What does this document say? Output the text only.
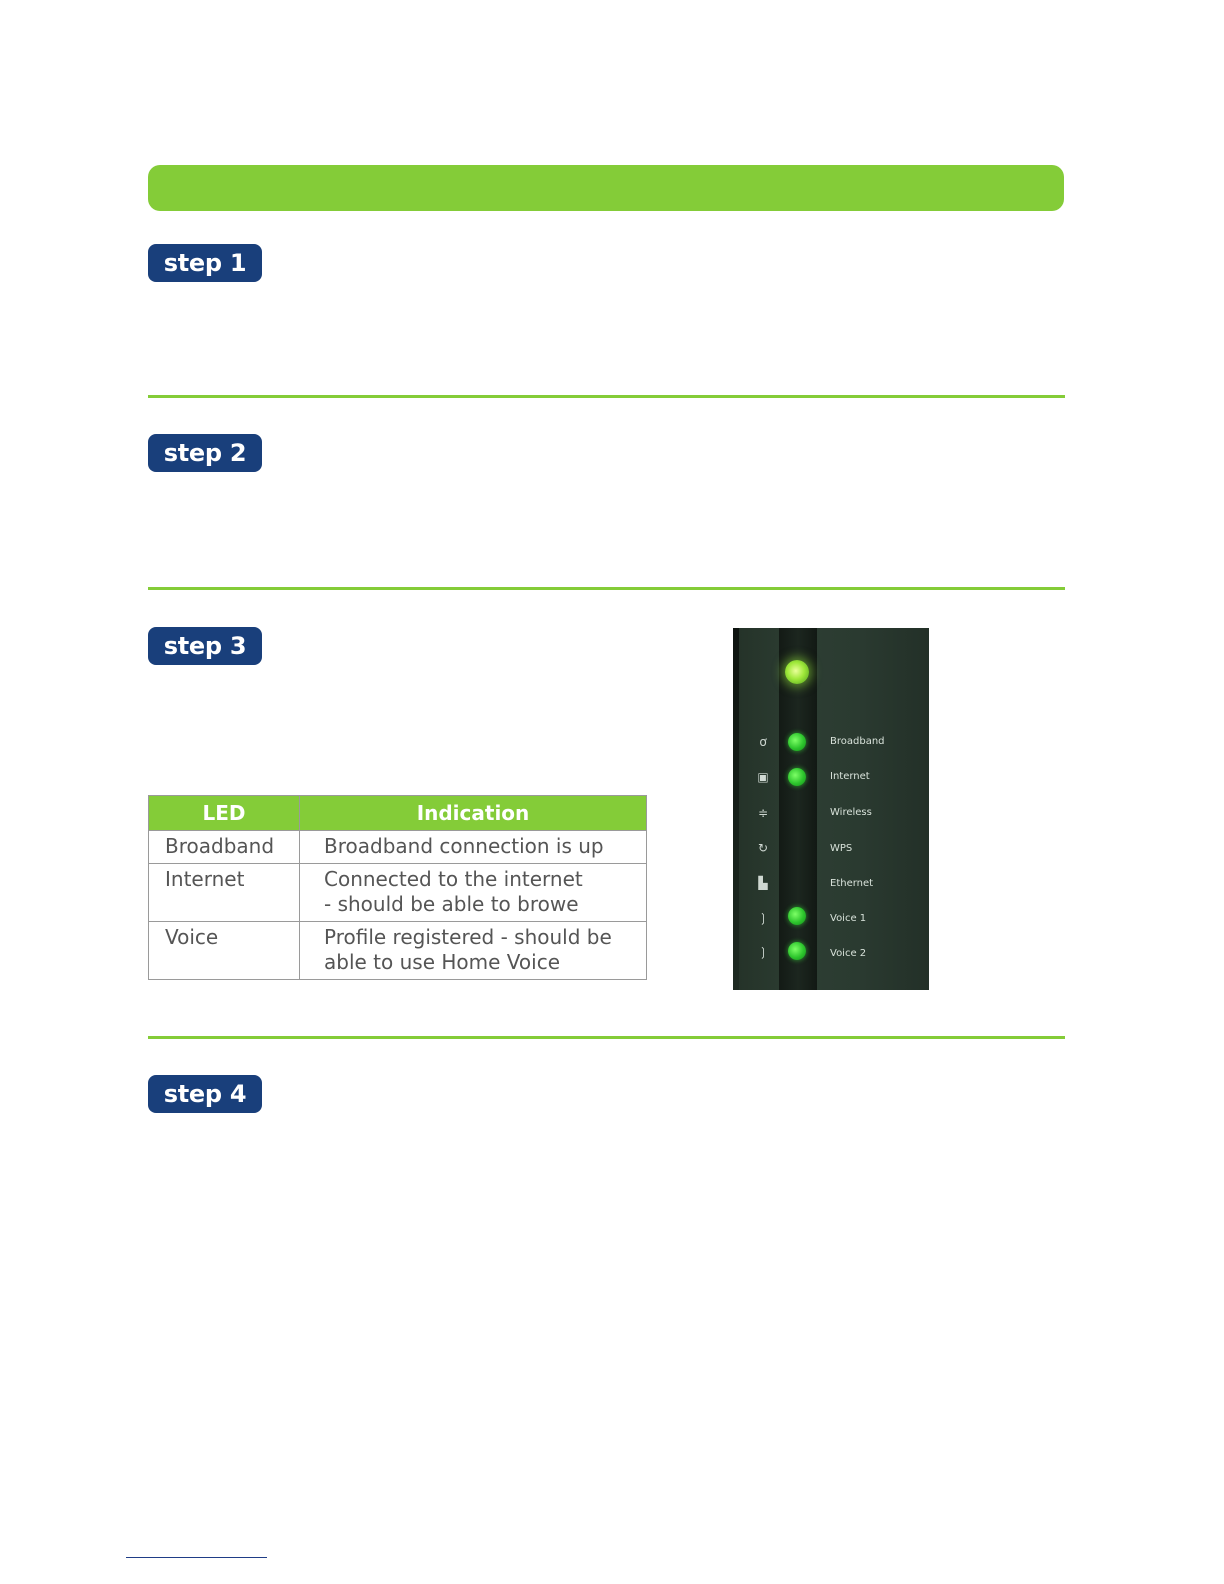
step 1
step 2
step 3
LED	Indication
Broadband	Broadband connection is up

Internet	Connected to the internet
- should be able to browe

Voice	Profile registered - should be
able to use Home Voice
ơ
▣
≑
↻
▙
❳
❳
Broadband
Internet
Wireless
WPS
Ethernet
Voice 1
Voice 2
step 4
